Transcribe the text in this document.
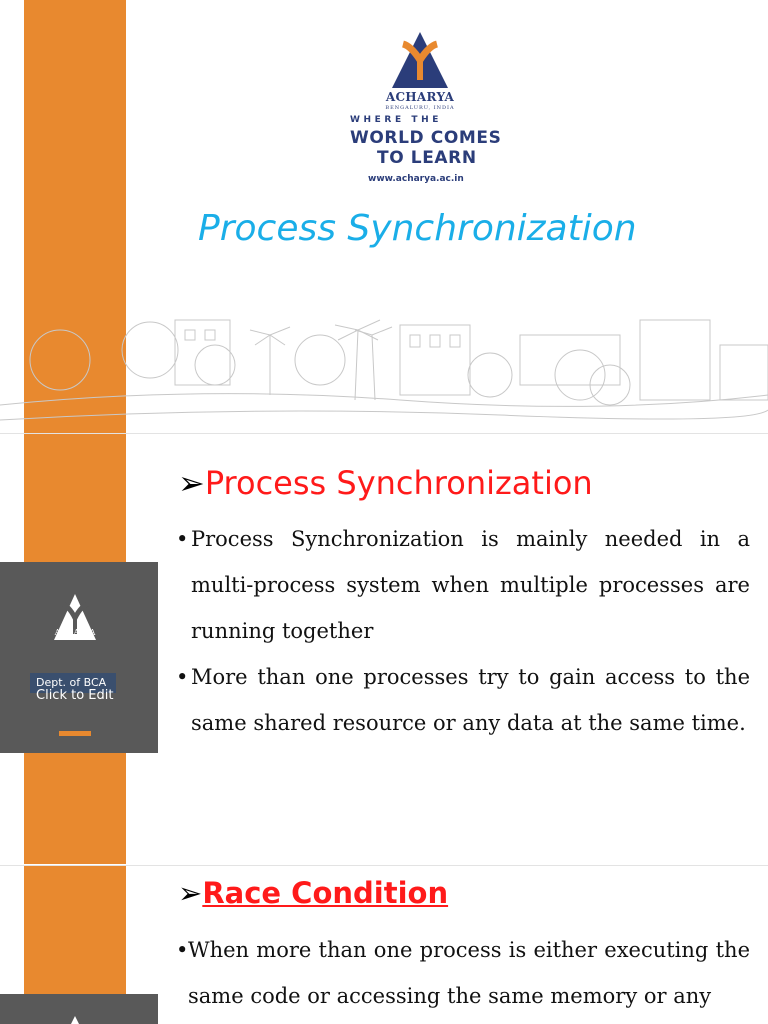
ACHARYA
BENGALURU, INDIA
WHERE THE
WORLD COMES
TO LEARN
www.acharya.ac.in
Process Synchronization
ACHARYA
Dept. of BCA
Click to Edit
➢Process Synchronization
• Process Synchronization is mainly needed in a multi-process system when multiple processes are running together
• More than one processes try to gain access to the same shared resource or any data at the same time.
➢Race Condition
• When more than one process is either executing the same code or accessing the same memory or any
